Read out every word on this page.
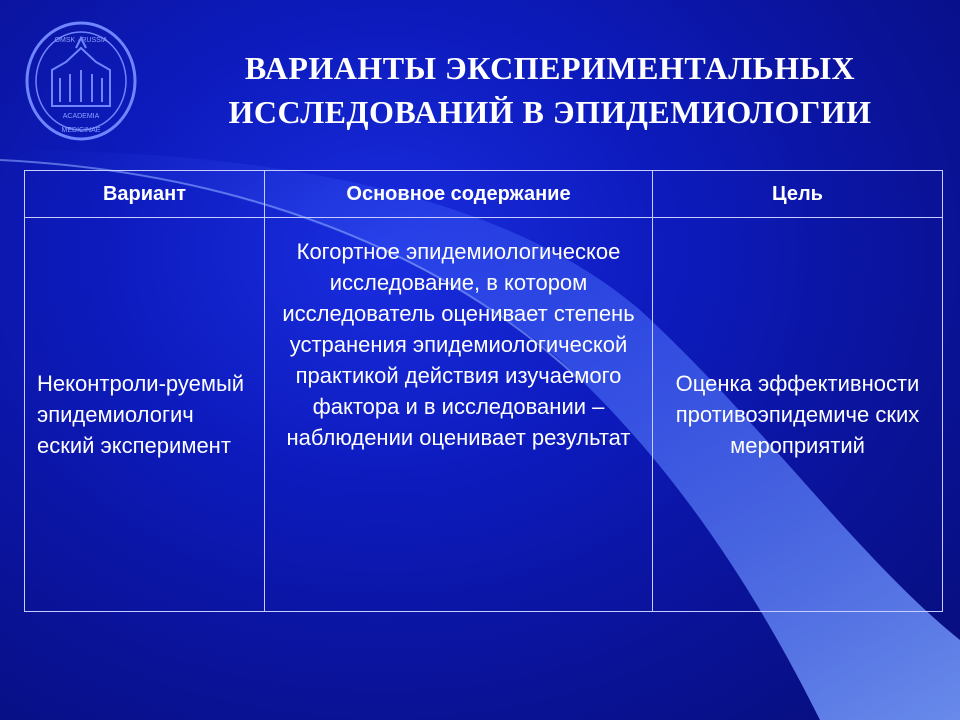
OMSK · RUSSIA
ACADEMIA
MEDICINAE
ВАРИАНТЫ ЭКСПЕРИМЕНТАЛЬНЫХ
ИССЛЕДОВАНИЙ В ЭПИДЕМИОЛОГИИ
Вариант	Основное содержание	Цель
Неконтроли-руемый эпидемиологич еский эксперимент	Когортное эпидемиологическое исследование, в котором исследователь оценивает степень устранения эпидемиологической практикой действия изучаемого фактора и в исследовании – наблюдении оценивает результат	Оценка эффективности противоэпидемиче ских мероприятий
